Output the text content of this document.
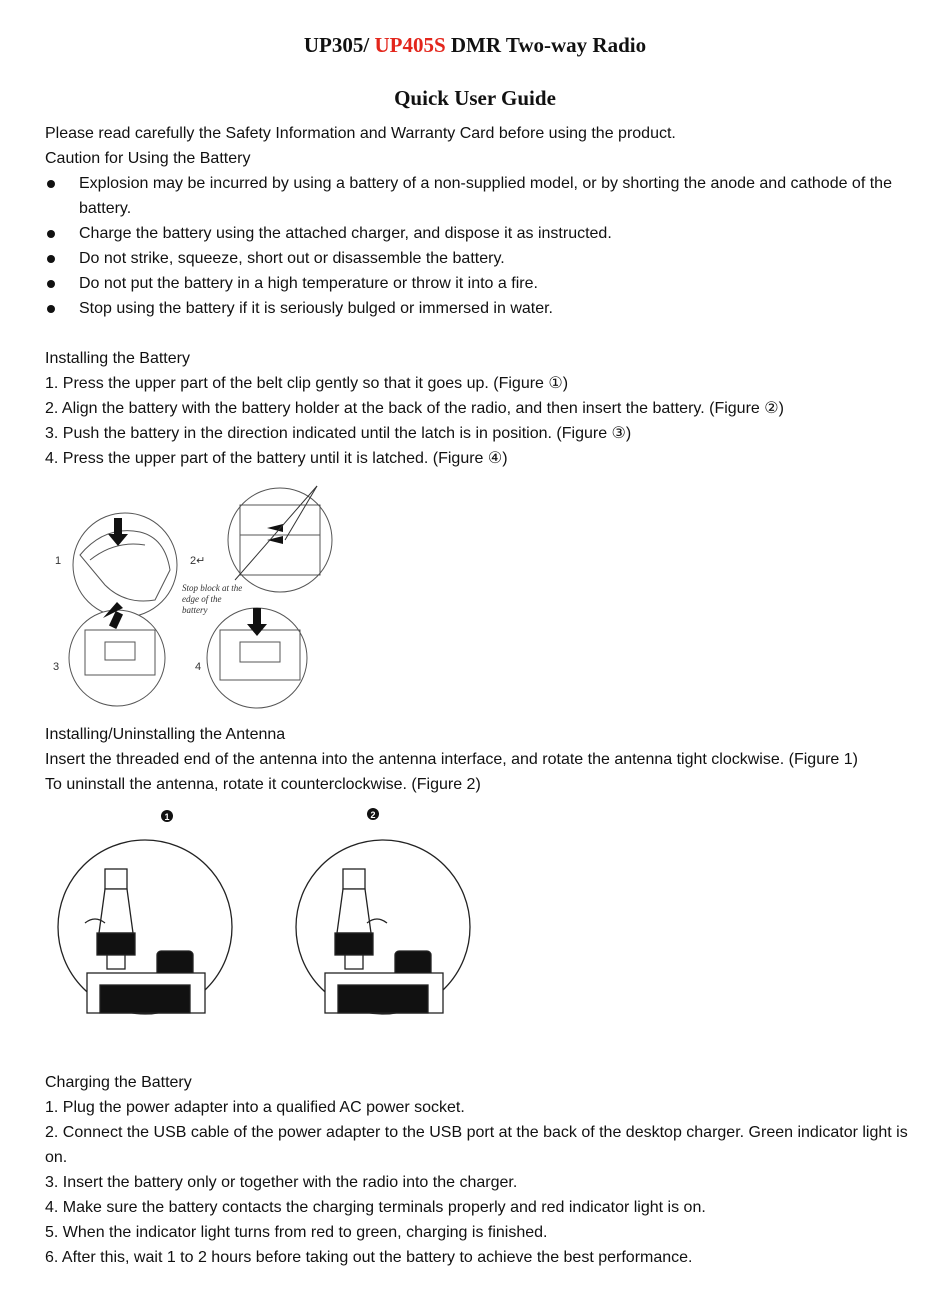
UP305/ UP405S DMR Two-way Radio
Quick User Guide
Please read carefully the Safety Information and Warranty Card before using the product.
Caution for Using the Battery
Explosion may be incurred by using a battery of a non-supplied model, or by shorting the anode and cathode of the battery.
Charge the battery using the attached charger, and dispose it as instructed.
Do not strike, squeeze, short out or disassemble the battery.
Do not put the battery in a high temperature or throw it into a fire.
Stop using the battery if it is seriously bulged or immersed in water.
Installing the Battery
1. Press the upper part of the belt clip gently so that it goes up. (Figure ①)
2. Align the battery with the battery holder at the back of the radio, and then insert the battery. (Figure ②)
3. Push the battery in the direction indicated until the latch is in position. (Figure ③)
4. Press the upper part of the battery until it is latched. (Figure ④)
1	2↵
3	4
Stop block at the
edge of the
battery
Installing/Uninstalling the Antenna
Insert the threaded end of the antenna into the antenna interface, and rotate the antenna tight clockwise. (Figure 1)
To uninstall the antenna, rotate it counterclockwise. (Figure 2)
1	2
Charging the Battery
1. Plug the power adapter into a qualified AC power socket.
2. Connect the USB cable of the power adapter to the USB port at the back of the desktop charger. Green indicator light is on.
3. Insert the battery only or together with the radio into the charger.
4. Make sure the battery contacts the charging terminals properly and red indicator light is on.
5. When the indicator light turns from red to green, charging is finished.
6. After this, wait 1 to 2 hours before taking out the battery to achieve the best performance.
